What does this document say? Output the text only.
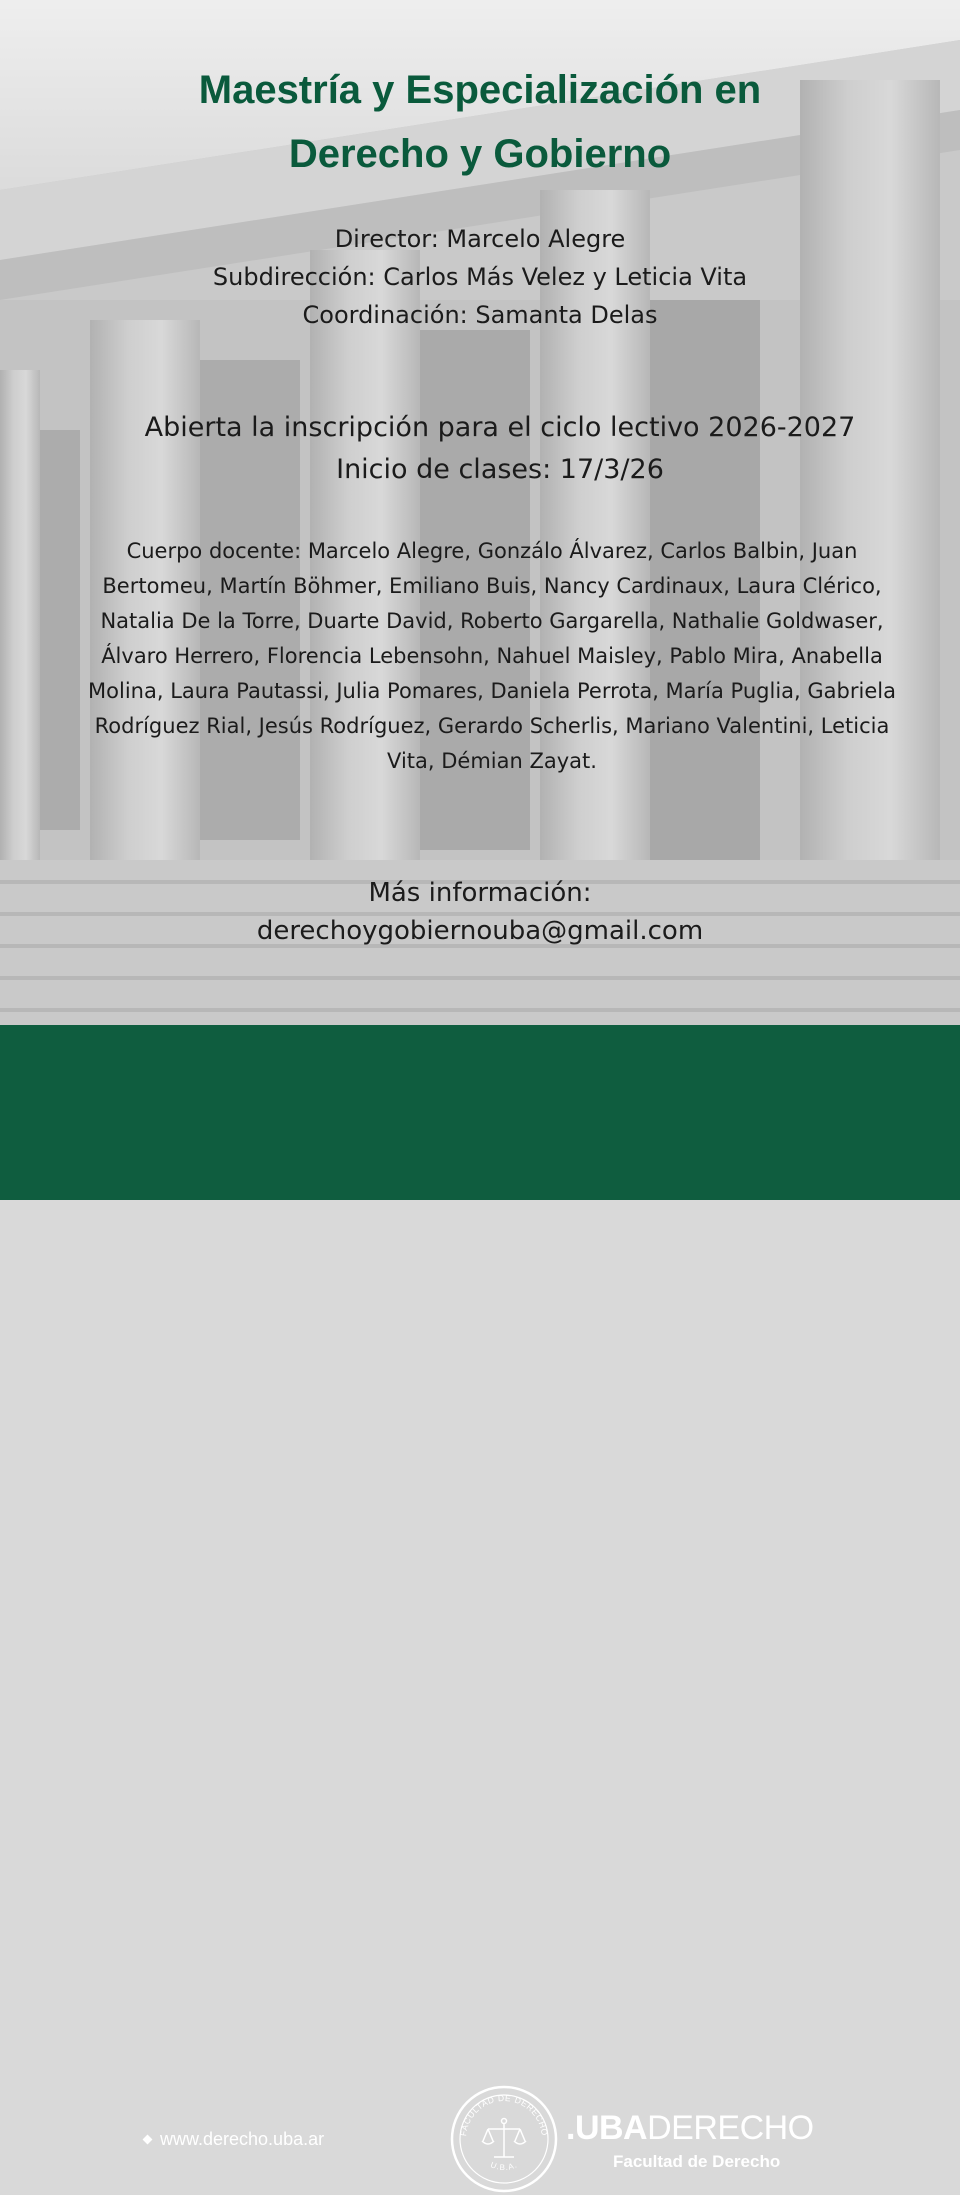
Maestría y Especialización en
Derecho y Gobierno
Director: Marcelo Alegre
Subdirección: Carlos Más Velez y Leticia Vita
Coordinación: Samanta Delas
Abierta la inscripción para el ciclo lectivo 2026-2027
Inicio de clases: 17/3/26

Cuerpo docente: Marcelo Alegre, Gonzálo Álvarez, Carlos Balbin, Juan Bertomeu, Martín Böhmer, Emiliano Buis, Nancy Cardinaux, Laura Clérico, Natalia De la Torre, Duarte David, Roberto Gargarella, Nathalie Goldwaser, Álvaro Herrero, Florencia Lebensohn, Nahuel Maisley, Pablo Mira, Anabella Molina, Laura Pautassi, Julia Pomares, Daniela Perrota, María Puglia, Gabriela Rodríguez Rial, Jesús Rodríguez, Gerardo Scherlis, Mariano Valentini, Leticia Vita, Démian Zayat.

Más información:
derechoygobiernouba@gmail.com
www.derecho.uba.ar	FACULTAD DE DERECHO
U.B.A.
.UBADERECHO
Facultad de Derecho
